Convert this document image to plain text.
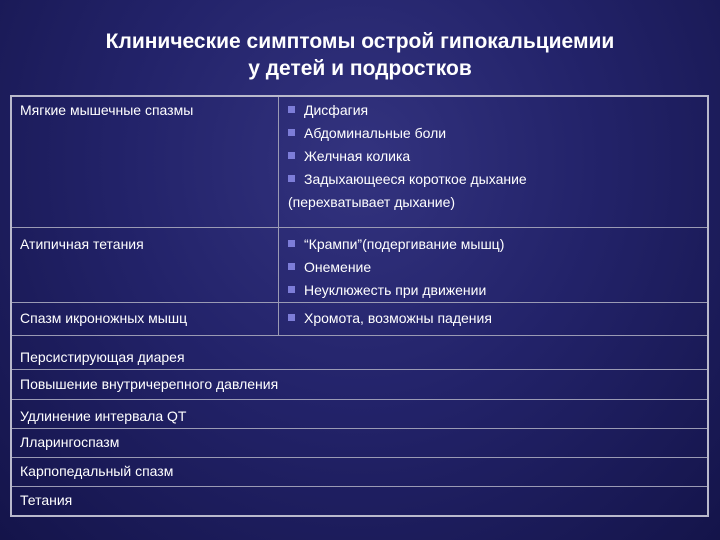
Клинические симптомы острой гипокальциемии
у детей и подростков
Мягкие мышечные спазмы	Дисфагия
Абдоминальные боли
Желчная колика
Задыхающееся короткое дыхание
(перехватывает дыхание)
Атипичная тетания	“Крампи”(подергивание мышц)
Онемение
Неуклюжесть при движении
Спазм икроножных мышц	Хромота, возможны падения
Персистирующая диарея
Повышение внутричерепного давления
Удлинение интервала QT
Лларингоспазм
Карпопедальный спазм
Тетания
